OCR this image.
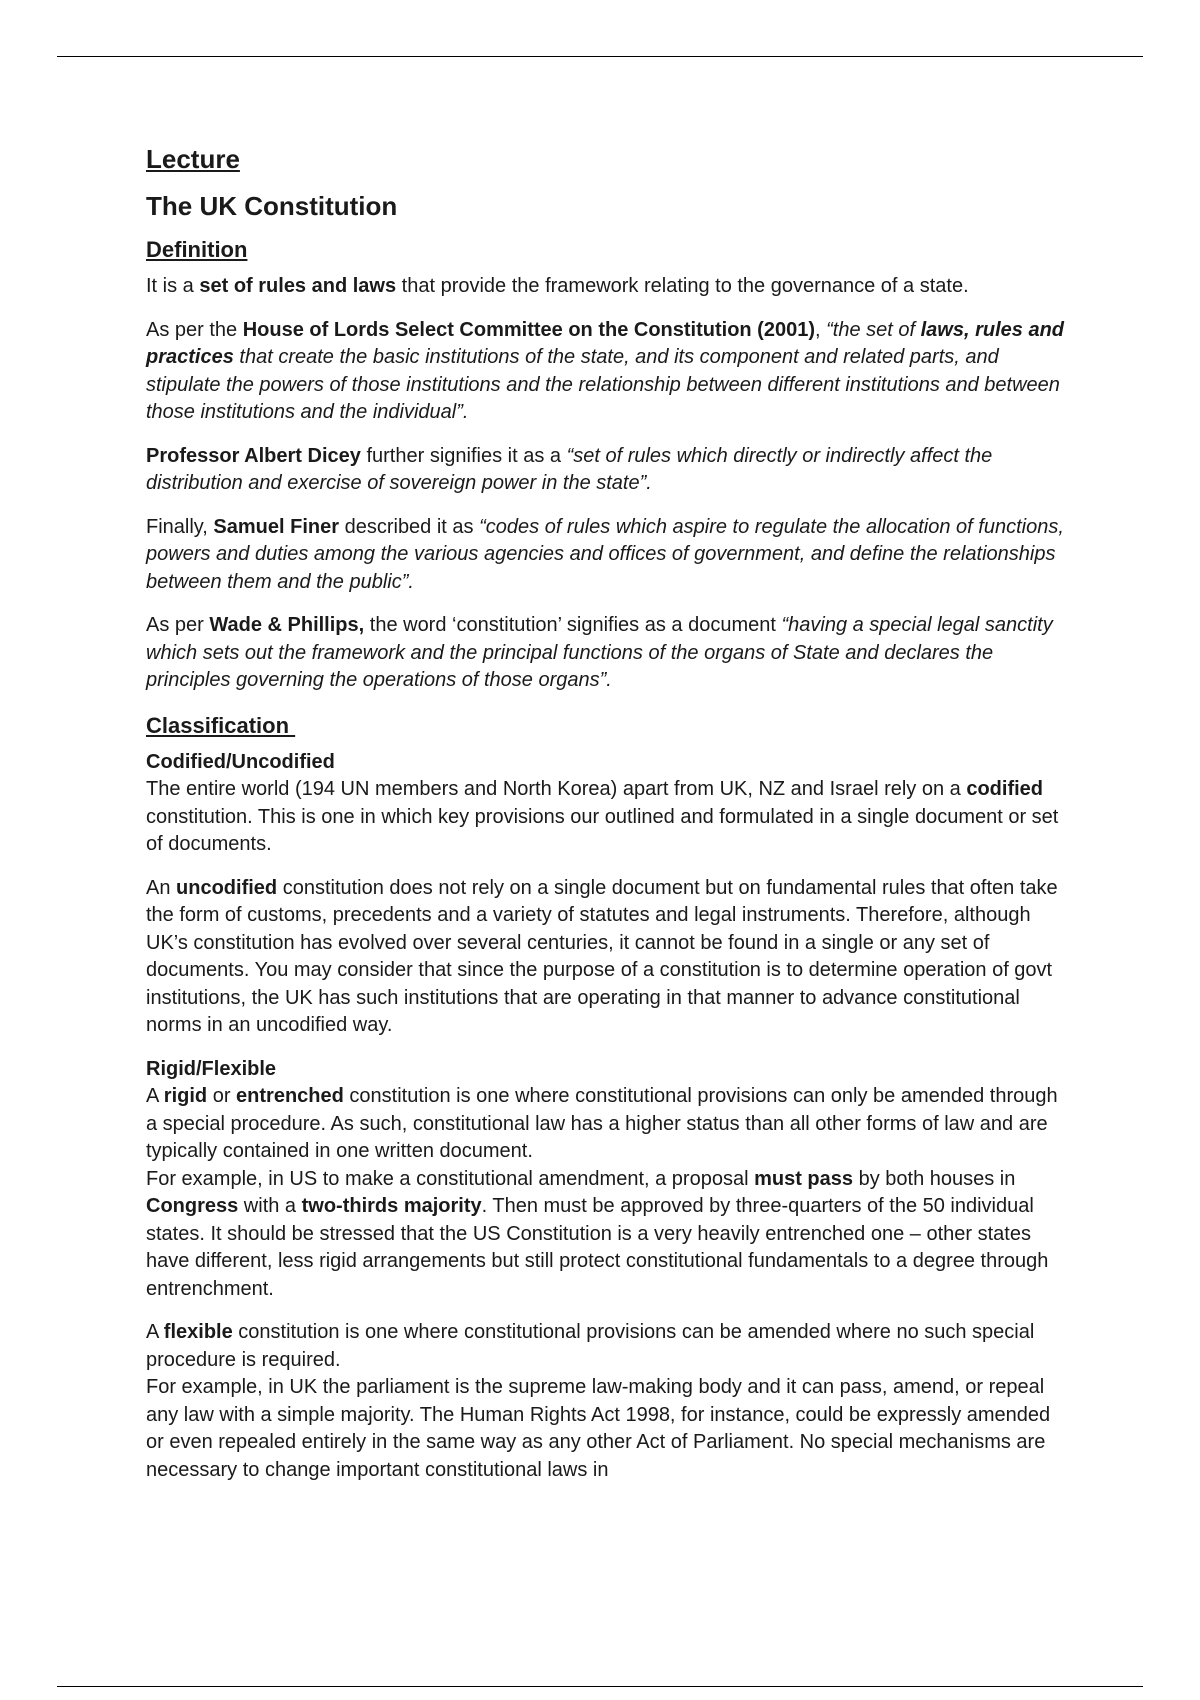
Lecture
The UK Constitution
Definition

It is a set of rules and laws that provide the framework relating to the governance of a state.

As per the House of Lords Select Committee on the Constitution (2001), “the set of laws, rules and practices that create the basic institutions of the state, and its component and related parts, and stipulate the powers of those institutions and the relationship between different institutions and between those institutions and the individual”.

Professor Albert Dicey further signifies it as a “set of rules which directly or indirectly affect the distribution and exercise of sovereign power in the state”.

Finally, Samuel Finer described it as “codes of rules which aspire to regulate the allocation of functions, powers and duties among the various agencies and offices of government, and define the relationships between them and the public”.

As per Wade & Phillips, the word ‘constitution’ signifies as a document “having a special legal sanctity which sets out the framework and the principal functions of the organs of State and declares the principles governing the operations of those organs”.

Classification
Codified/Uncodified

The entire world (194 UN members and North Korea) apart from UK, NZ and Israel rely on a codified constitution. This is one in which key provisions our outlined and formulated in a single document or set of documents.

An uncodified constitution does not rely on a single document but on fundamental rules that often take the form of customs, precedents and a variety of statutes and legal instruments. Therefore, although UK’s constitution has evolved over several centuries, it cannot be found in a single or any set of documents. You may consider that since the purpose of a constitution is to determine operation of govt institutions, the UK has such institutions that are operating in that manner to advance constitutional norms in an uncodified way.

Rigid/Flexible

A rigid or entrenched constitution is one where constitutional provisions can only be amended through a special procedure. As such, constitutional law has a higher status than all other forms of law and are typically contained in one written document.

For example, in US to make a constitutional amendment, a proposal must pass by both houses in Congress with a two-thirds majority. Then must be approved by three-quarters of the 50 individual states. It should be stressed that the US Constitution is a very heavily entrenched one – other states have different, less rigid arrangements but still protect constitutional fundamentals to a degree through entrenchment.

A flexible constitution is one where constitutional provisions can be amended where no such special procedure is required.

For example, in UK the parliament is the supreme law-making body and it can pass, amend, or repeal any law with a simple majority. The Human Rights Act 1998, for instance, could be expressly amended or even repealed entirely in the same way as any other Act of Parliament. No special mechanisms are necessary to change important constitutional laws in
